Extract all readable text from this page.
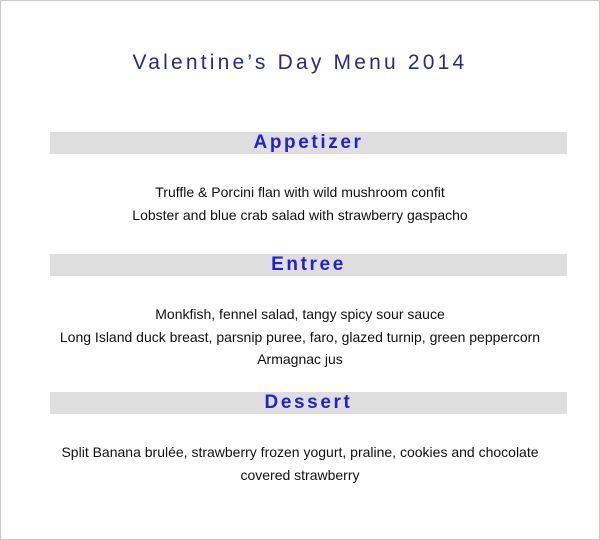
Valentine’s Day Menu 2014
Appetizer
Truffle & Porcini flan with wild mushroom confit
Lobster and blue crab salad with strawberry gaspacho
Entree
Monkfish, fennel salad, tangy spicy sour sauce
Long Island duck breast, parsnip puree, faro, glazed turnip, green peppercorn
Armagnac jus
Dessert
Split Banana brulée, strawberry frozen yogurt, praline, cookies and chocolate
covered strawberry
